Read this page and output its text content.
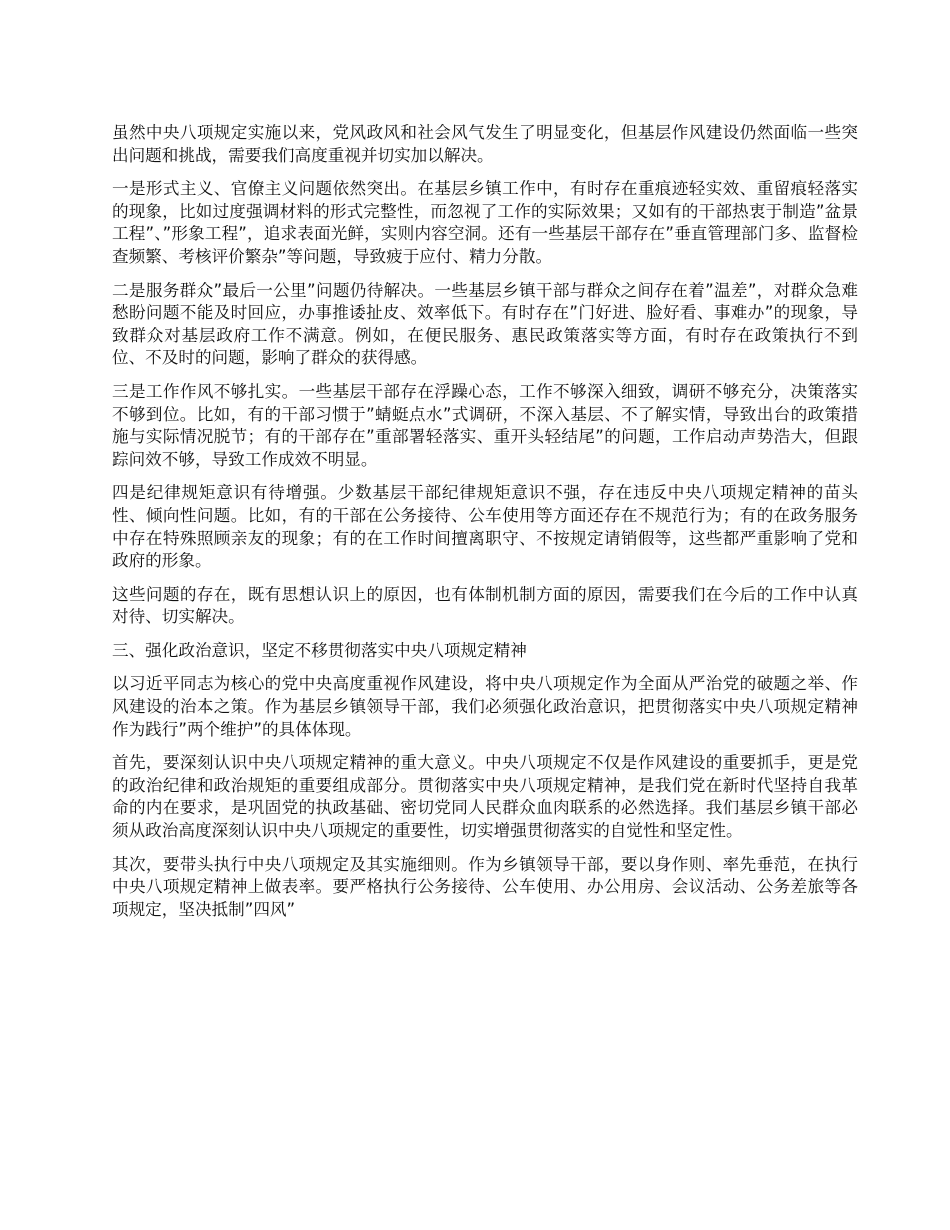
虽然中央八项规定实施以来，党风政风和社会风气发生了明显变化，但基层作风建设仍然面临一些突出问题和挑战，需要我们高度重视并切实加以解决。

一是形式主义、官僚主义问题依然突出。在基层乡镇工作中，有时存在重痕迹轻实效、重留痕轻落实的现象，比如过度强调材料的形式完整性，而忽视了工作的实际效果；又如有的干部热衷于制造”盆景工程”、”形象工程”，追求表面光鲜，实则内容空洞。还有一些基层干部存在”垂直管理部门多、监督检查频繁、考核评价繁杂”等问题，导致疲于应付、精力分散。

二是服务群众”最后一公里”问题仍待解决。一些基层乡镇干部与群众之间存在着”温差”，对群众急难愁盼问题不能及时回应，办事推诿扯皮、效率低下。有时存在”门好进、脸好看、事难办”的现象，导致群众对基层政府工作不满意。例如，在便民服务、惠民政策落实等方面，有时存在政策执行不到位、不及时的问题，影响了群众的获得感。

三是工作作风不够扎实。一些基层干部存在浮躁心态，工作不够深入细致，调研不够充分，决策落实不够到位。比如，有的干部习惯于”蜻蜓点水”式调研，不深入基层、不了解实情，导致出台的政策措施与实际情况脱节；有的干部存在”重部署轻落实、重开头轻结尾”的问题，工作启动声势浩大，但跟踪问效不够，导致工作成效不明显。

四是纪律规矩意识有待增强。少数基层干部纪律规矩意识不强，存在违反中央八项规定精神的苗头性、倾向性问题。比如，有的干部在公务接待、公车使用等方面还存在不规范行为；有的在政务服务中存在特殊照顾亲友的现象；有的在工作时间擅离职守、不按规定请销假等，这些都严重影响了党和政府的形象。

这些问题的存在，既有思想认识上的原因，也有体制机制方面的原因，需要我们在今后的工作中认真对待、切实解决。

三、强化政治意识，坚定不移贯彻落实中央八项规定精神

以习近平同志为核心的党中央高度重视作风建设，将中央八项规定作为全面从严治党的破题之举、作风建设的治本之策。作为基层乡镇领导干部，我们必须强化政治意识，把贯彻落实中央八项规定精神作为践行”两个维护”的具体体现。

首先，要深刻认识中央八项规定精神的重大意义。中央八项规定不仅是作风建设的重要抓手，更是党的政治纪律和政治规矩的重要组成部分。贯彻落实中央八项规定精神，是我们党在新时代坚持自我革命的内在要求，是巩固党的执政基础、密切党同人民群众血肉联系的必然选择。我们基层乡镇干部必须从政治高度深刻认识中央八项规定的重要性，切实增强贯彻落实的自觉性和坚定性。

其次，要带头执行中央八项规定及其实施细则。作为乡镇领导干部，要以身作则、率先垂范，在执行中央八项规定精神上做表率。要严格执行公务接待、公车使用、办公用房、会议活动、公务差旅等各项规定，坚决抵制”四风”
